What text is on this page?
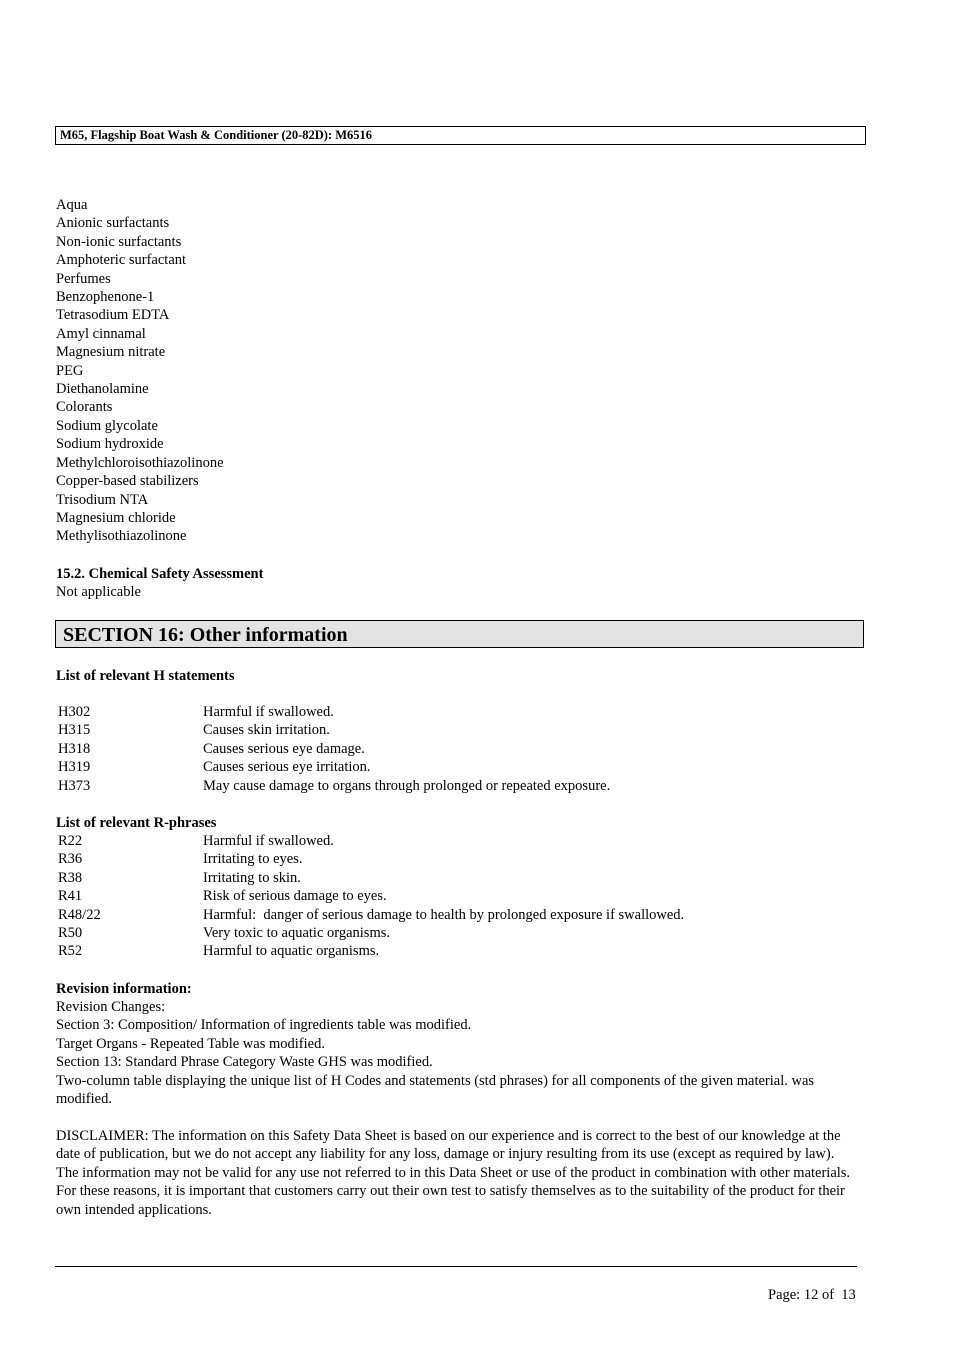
M65, Flagship Boat Wash & Conditioner (20-82D): M6516
Aqua
Anionic surfactants
Non-ionic surfactants
Amphoteric surfactant
Perfumes
Benzophenone-1
Tetrasodium EDTA
Amyl cinnamal
Magnesium nitrate
PEG
Diethanolamine
Colorants
Sodium glycolate
Sodium hydroxide
Methylchloroisothiazolinone
Copper-based stabilizers
Trisodium NTA
Magnesium chloride
Methylisothiazolinone
15.2. Chemical Safety Assessment
Not applicable
SECTION 16: Other information
List of relevant H statements
H302	Harmful if swallowed.
H315	Causes skin irritation.
H318	Causes serious eye damage.
H319	Causes serious eye irritation.
H373	May cause damage to organs through prolonged or repeated exposure.
List of relevant R-phrases
R22	Harmful if swallowed.
R36	Irritating to eyes.
R38	Irritating to skin.
R41	Risk of serious damage to eyes.
R48/22	Harmful:  danger of serious damage to health by prolonged exposure if swallowed.
R50	Very toxic to aquatic organisms.
R52	Harmful to aquatic organisms.
Revision information:
Revision Changes:
Section 3: Composition/ Information of ingredients table was modified.
Target Organs - Repeated Table was modified.
Section 13: Standard Phrase Category Waste GHS was modified.
Two-column table displaying the unique list of H Codes and statements (std phrases) for all components of the given material. was modified.
DISCLAIMER: The information on this Safety Data Sheet is based on our experience and is correct to the best of our knowledge at the date of publication, but we do not accept any liability for any loss, damage or injury resulting from its use (except as required by law). The information may not be valid for any use not referred to in this Data Sheet or use of the product in combination with other materials. For these reasons, it is important that customers carry out their own test to satisfy themselves as to the suitability of the product for their own intended applications.
Page: 12 of  13
